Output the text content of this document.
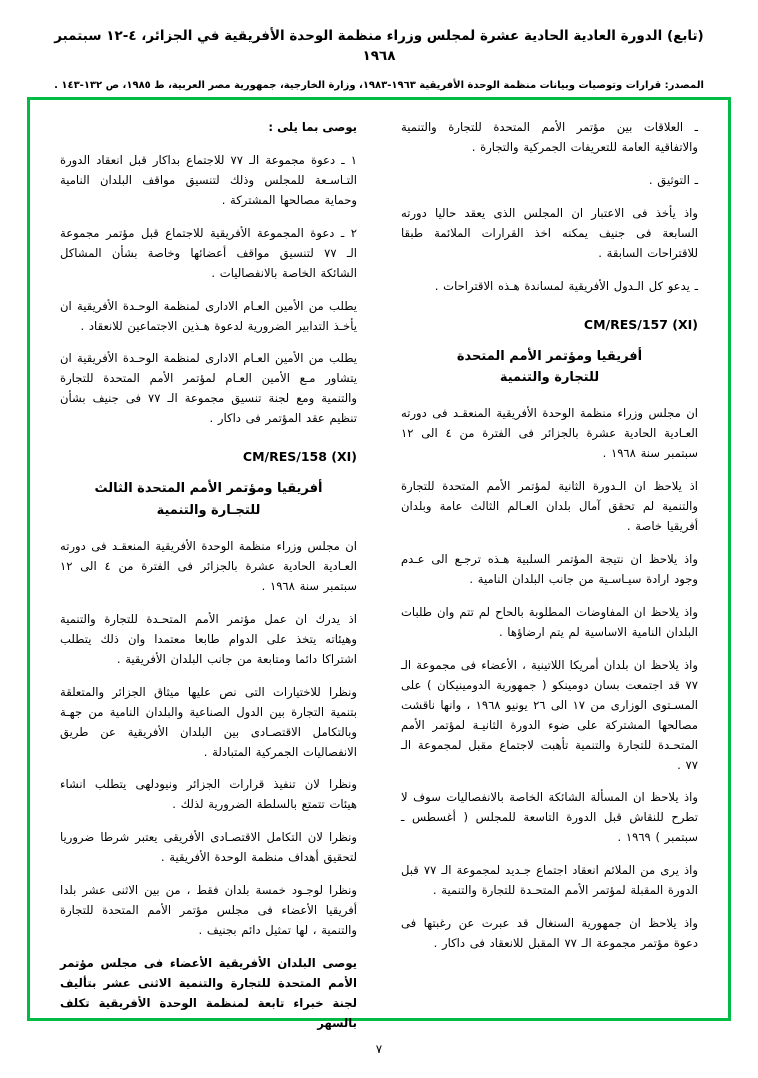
(تابع) الدورة العادية الحادية عشرة لمجلس وزراء منظمة الوحدة الأفريقية في الجزائر، ٤-١٢ سبتمبر ١٩٦٨
المصدر: قرارات وتوصيات وبيانات منظمة الوحدة الأفريقية ١٩٦٣-١٩٨٣، وزارة الخارجية، جمهورية مصر العربية، ط ١٩٨٥، ص ١٣٢-١٤٣ .

ـ العلاقات بين مؤتمر الأمم المتحدة للتجارة والتنمية والاتفاقية العامة للتعريفات الجمركية والتجارة .

ـ التوثيق .

واذ يأخذ فى الاعتبار ان المجلس الذى يعقد حاليا دورته السابعة فى جنيف يمكنه اخذ القرارات الملائمة طبقا للاقتراحات السابقة .

ـ يدعو كل الـدول الأفريقية لمساندة هـذه الاقتراحات .

CM/RES/157 (XI)
أفريقيا ومؤتمر الأمم المتحدة
للتجارة والتنمية

ان مجلس وزراء منظمة الوحدة الأفريقية المنعقـد فى دورته العـادية الحادية عشرة بالجزائر فى الفترة من ٤ الى ١٢ سبتمبر سنة ١٩٦٨ .

اذ يلاحظ ان الـدورة الثانية لمؤتمر الأمم المتحدة للتجارة والتنمية لم تحقق آمال بلدان العـالم الثالث عامة وبلدان أفريقيا خاصة .

واذ يلاحظ ان نتيجة المؤتمر السلبية هـذه ترجـع الى عـدم وجود ارادة سيـاسـية من جانب البلدان النامية .

واذ يلاحظ ان المفاوضات المطلوبة بالحاح لم تتم وان طلبات البلدان النامية الاساسية لم يتم ارضاؤها .

واذ يلاحظ ان بلدان أمريكا اللاتينية ، الأعضاء فى مجموعة الـ ٧٧ قد اجتمعت بسان دومينكو ( جمهورية الدومينيكان ) على المسـتوى الوزارى من ١٧ الى ٢٦ يونيو ١٩٦٨ ، وانها ناقشت مصالحها المشتركة على ضوء الدورة الثانيـة لمؤتمر الأمم المتحـدة للتجارة والتنمية تأهبت لاجتماع مقبل لمجموعة الـ ٧٧ .

واذ يلاحظ ان المسألة الشائكة الخاصة بالانفصاليات سوف لا تطرح للنقاش قبل الدورة التاسعة للمجلس ( أغسطس ـ سبتمبر ) ١٩٦٩ .

واذ يرى من الملائم انعقاد اجتماع جـديد لمجموعة الـ ٧٧ قبل الدورة المقبلة لمؤتمر الأمم المتحـدة للتجارة والتنمية .

واذ يلاحظ ان جمهورية السنغال قد عبرت عن رغبتها فى دعوة مؤتمر مجموعة الـ ٧٧ المقبل للانعقاد فى داكار .

يوصى بما يلى :

١ ـ دعوة مجموعة الـ ٧٧ للاجتماع بداكار قبل انعقاد الدورة التـاسـعة للمجلس وذلك لتنسيق مواقف البلدان النامية وحماية مصالحها المشتركة .

٢ ـ دعوة المجموعة الأفريقية للاجتماع قبل مؤتمر مجموعة الـ ٧٧ لتنسيق مواقف أعضائها وخاصة بشأن المشاكل الشائكة الخاصة بالانفصاليات .

يطلب من الأمين العـام الادارى لمنظمة الوحـدة الأفريقية ان يأخـذ التدابير الضرورية لدعوة هـذين الاجتماعين للانعقاد .

يطلب من الأمين العـام الادارى لمنظمة الوحـدة الأفريقية ان يتشاور مـع الأمين العـام لمؤتمر الأمم المتحدة للتجارة والتنمية ومع لجنة تنسيق مجموعة الـ ٧٧ فى جنيف بشأن تنظيم عقد المؤتمر فى داكار .

CM/RES/158 (XI)
أفريقيا ومؤتمر الأمم المتحدة الثالث
للتجـارة والتنمية

ان مجلس وزراء منظمة الوحدة الأفريقية المنعقـد فى دورته العـادية الحادية عشرة بالجزائر فى الفترة من ٤ الى ١٢ سبتمبر سنة ١٩٦٨ .

اذ يدرك ان عمل مؤتمر الأمم المتحـدة للتجارة والتنمية وهيئاته يتخذ على الدوام طابعا معتمدا وان ذلك يتطلب اشتراكا دائما ومتابعة من جانب البلدان الأفريقية .

ونظرا للاختيارات التى نص عليها ميثاق الجزائر والمتعلقة بتنمية التجارة بين الدول الصناعية والبلدان النامية من جهـة وبالتكامل الاقتصـادى بين البلدان الأفريقية عن طريق الانفصاليات الجمركية المتبادلة .

ونظرا لان تنفيذ قرارات الجزائر ونيودلهى يتطلب انشاء هيئات تتمتع بالسلطة الضرورية لذلك .

ونظرا لان التكامل الاقتصـادى الأفريقى يعتبر شرطا ضروريا لتحقيق أهداف منظمة الوحدة الأفريقية .

ونظرا لوجـود خمسة بلدان فقط ، من بين الاثنى عشر بلدا أفريقيا الأعضاء فى مجلس مؤتمر الأمم المتحدة للتجارة والتنمية ، لها تمثيل دائم بجنيف .

يوصى البلدان الأفريقية الأعضاء فى مجلس مؤتمر الأمم المتحدة للتجارة والتنمية الاثنى عشر بتأليف لجنة خبراء تابعة لمنظمة الوحدة الأفريقية تكلف بالسهر

٧
